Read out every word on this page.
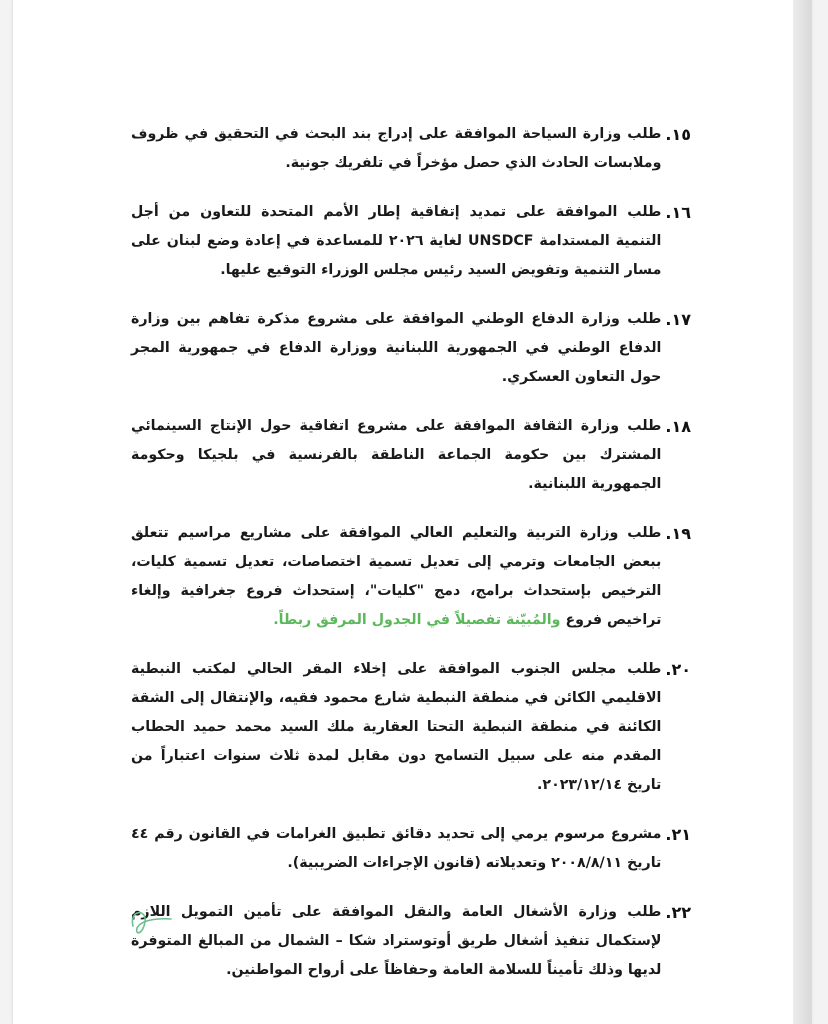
١٥.
طلب وزارة السياحة الموافقة على إدراج بند البحث في التحقيق في ظروف وملابسات الحادث الذي حصل مؤخراً في تلفريك جونية.
١٦.
طلب الموافقة على تمديد إتفاقية إطار الأمم المتحدة للتعاون من أجل التنمية المستدامة UNSDCF لغاية ٢٠٢٦ للمساعدة في إعادة وضع لبنان على مسار التنمية وتفويض السيد رئيس مجلس الوزراء التوقيع عليها.
١٧.
طلب وزارة الدفاع الوطني الموافقة على مشروع مذكرة تفاهم بين وزارة الدفاع الوطني في الجمهورية اللبنانية ووزارة الدفاع في جمهورية المجر حول التعاون العسكري.
١٨.
طلب وزارة الثقافة الموافقة على مشروع اتفاقية حول الإنتاج السينمائي المشترك بين حكومة الجماعة الناطقة بالفرنسية في بلجيكا وحكومة الجمهورية اللبنانية.
١٩.
طلب وزارة التربية والتعليم العالي الموافقة على مشاريع مراسيم تتعلق ببعض الجامعات وترمي إلى تعديل تسمية اختصاصات، تعديل تسمية كليات، الترخيص بإستحداث برامج، دمج "كليات"، إستحداث فروع جغرافية وإلغاء تراخيص فروع والمُبيّنة تفصيلاً في الجدول المرفق ربطاً.
٢٠.
طلب مجلس الجنوب الموافقة على إخلاء المقر الحالي لمكتب النبطية الاقليمي الكائن في منطقة النبطية شارع محمود فقيه، والإنتقال إلى الشقة الكائنة في منطقة النبطية التحتا العقارية ملك السيد محمد حميد الحطاب المقدم منه على سبيل التسامح دون مقابل لمدة ثلاث سنوات اعتباراً من تاريخ ٢٠٢٣/١٢/١٤.
٢١.
مشروع مرسوم يرمي إلى تحديد دقائق تطبيق الغرامات في القانون رقم ٤٤ تاريخ ٢٠٠٨/٨/١١ وتعديلاته (قانون الإجراءات الضريبية).
٢٢.
طلب وزارة الأشغال العامة والنقل الموافقة على تأمين التمويل اللازم لإستكمال تنفيذ أشغال طريق أوتوستراد شكا – الشمال من المبالغ المتوفرة لديها وذلك تأميناً للسلامة العامة وحفاظاً على أرواح المواطنين.
